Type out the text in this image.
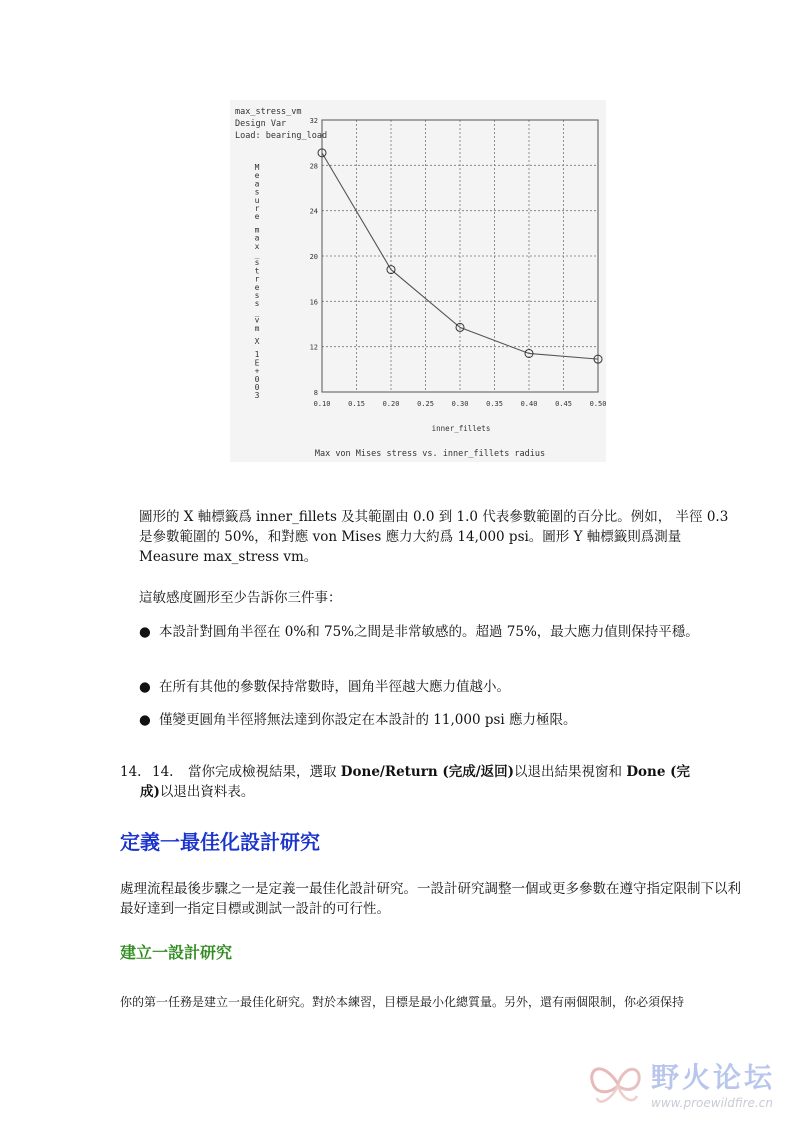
0.10	0.15	0.20	0.25	0.30	0.35	0.40	0.45	0.50
8
12
16
20
24
28
32
M
e
a
s
u
r
e
m
a
x
_
s
t
r
e
s
s
_
v
m
X
1
E
+
0
0
3
max_stress_vm
Design Var
Load: bearing_load
inner_fillets
Max von Mises stress vs. inner_fillets radius

圖形的 X 軸標籤爲 inner_fillets 及其範圍由 0.0 到 1.0 代表參數範圍的百分比。例如， 半徑 0.3 是參數範圍的 50%，和對應 von Mises 應力大約爲 14,000 psi。圖形 Y 軸標籤則爲測量 Measure max_stress vm。

這敏感度圖形至少告訴你三件事：

● 本設計對圓角半徑在 0%和 75%之間是非常敏感的。超過 75%，最大應力值則保持平穩。
● 在所有其他的參數保持常數時，圓角半徑越大應力值越小。
● 僅變更圓角半徑將無法達到你設定在本設計的 11,000 psi 應力極限。
14. 14.	當你完成檢視結果，選取 Done/Return (完成/返回)以退出結果視窗和 Done (完
成)以退出資料表。
定義一最佳化設計研究

處理流程最後步驟之一是定義一最佳化設計研究。一設計研究調整一個或更多參數在遵守指定限制下以利最好達到一指定目標或測試一設計的可行性。

建立一設計研究

你的第一任務是建立一最佳化研究。對於本練習，目標是最小化總質量。另外，還有兩個限制，你必須保持

野火论坛
www.proewildfire.cn
